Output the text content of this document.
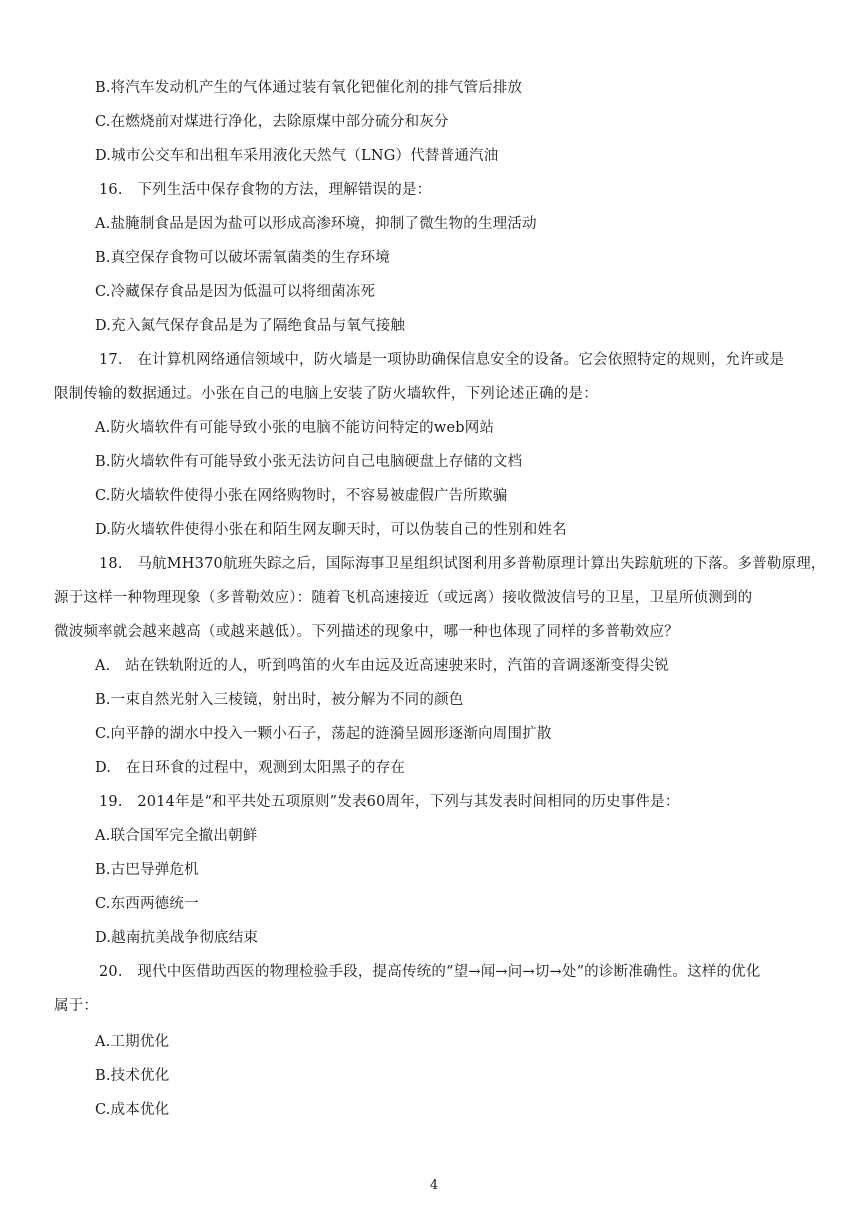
B.将汽车发动机产生的气体通过装有氧化钯催化剂的排气管后排放
C.在燃烧前对煤进行净化，去除原煤中部分硫分和灰分
D.城市公交车和出租车采用液化天然气（LNG）代替普通汽油
16.　下列生活中保存食物的方法，理解错误的是：
A.盐腌制食品是因为盐可以形成高渗环境，抑制了微生物的生理活动
B.真空保存食物可以破坏需氧菌类的生存环境
C.冷藏保存食品是因为低温可以将细菌冻死
D.充入氮气保存食品是为了隔绝食品与氧气接触
17.　在计算机网络通信领域中，防火墙是一项协助确保信息安全的设备。它会依照特定的规则，允许或是
限制传输的数据通过。小张在自己的电脑上安装了防火墙软件，下列论述正确的是：
A.防火墙软件有可能导致小张的电脑不能访问特定的web网站
B.防火墙软件有可能导致小张无法访问自己电脑硬盘上存储的文档
C.防火墙软件使得小张在网络购物时，不容易被虚假广告所欺骗
D.防火墙软件使得小张在和陌生网友聊天时，可以伪装自己的性别和姓名
18.　马航MH370航班失踪之后，国际海事卫星组织试图利用多普勒原理计算出失踪航班的下落。多普勒原理，
源于这样一种物理现象（多普勒效应）：随着飞机高速接近（或远离）接收微波信号的卫星，卫星所侦测到的
微波频率就会越来越高（或越来越低）。下列描述的现象中，哪一种也体现了同样的多普勒效应？
A.　站在铁轨附近的人，听到鸣笛的火车由远及近高速驶来时，汽笛的音调逐渐变得尖锐
B.一束自然光射入三棱镜，射出时，被分解为不同的颜色
C.向平静的湖水中投入一颗小石子，荡起的涟漪呈圆形逐渐向周围扩散
D.　在日环食的过程中，观测到太阳黑子的存在
19.　2014年是“和平共处五项原则”发表60周年，下列与其发表时间相同的历史事件是：
A.联合国军完全撤出朝鲜
B.古巴导弹危机
C.东西两德统一
D.越南抗美战争彻底结束
20.　现代中医借助西医的物理检验手段，提高传统的“望→闻→问→切→处”的诊断准确性。这样的优化
属于：
A.工期优化
B.技术优化
C.成本优化
4
